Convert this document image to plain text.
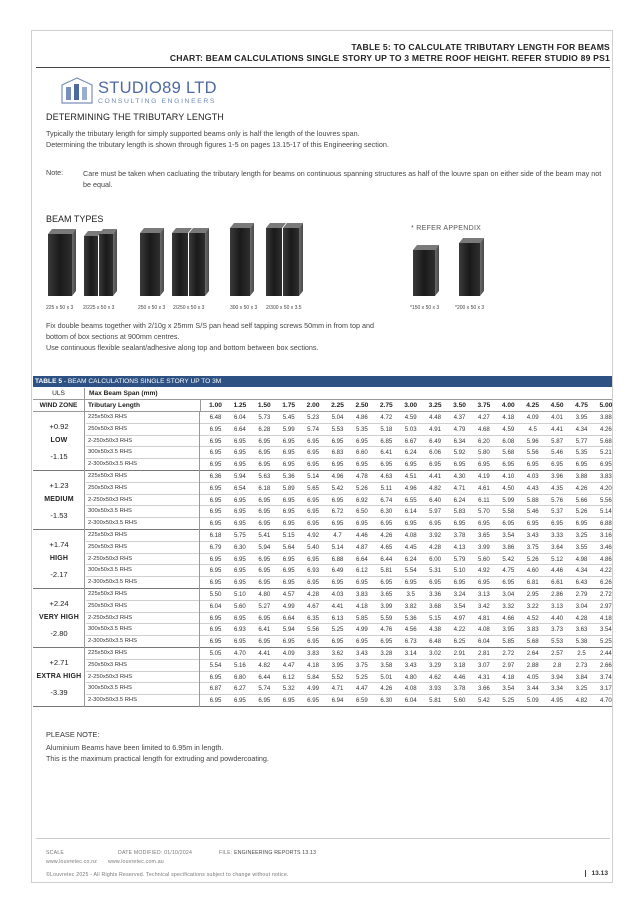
TABLE 5: TO CALCULATE TRIBUTARY LENGTH FOR BEAMS
CHART: BEAM CALCULATIONS SINGLE STORY UP TO 3 METRE ROOF HEIGHT. REFER STUDIO 89 PS1
STUDIO89 LTD
CONSULTING ENGINEERS
DETERMINING THE TRIBUTARY LENGTH
Typically the tributary length for simply supported beams only is half the length of the louvres span.
Determining the tributary length is shown through figures 1-5 on pages 13.15-17 of this Engineering section.
Note:	Care must be taken when cacluating the tributary length for beams on continuous spanning structures as half of the louvre span on either side of the beam may not be equal.
BEAM TYPES
* REFER APPENDIX
225 x 50 x 3 2/225 x 50 x 3	250 x 50 x 3 2/250 x 50 x 3	300 x 50 x 3 2/300 x 50 x 3.5	*150 x 50 x 3	*200 x 50 x 3
Fix double beams together with 2/10g x 25mm S/S pan head self tapping screws 50mm in from top and
bottom of box sections at 900mm centres.
Use continuous flexible sealant/adhesive along top and bottom between box sections.
TABLE 5 - BEAM CALCULATIONS SINGLE STORY UP TO 3M
ULS	Max Beam Span (mm)
WIND ZONE	Tributary Length	1.00	1.25	1.50	1.75	2.00	2.25	2.50	2.75	3.00	3.25	3.50	3.75	4.00	4.25	4.50	4.75	5.00
+0.92
LOW
-1.15
225x50x3 RHS	6.48	6.04	5.73	5.45	5.23	5.04	4.86	4.72	4.59	4.48	4.37	4.27	4.18	4.09	4.01	3.95	3.88
250x50x3 RHS	6.95	6.64	6.28	5.99	5.74	5.53	5.35	5.18	5.03	4.91	4.79	4.68	4.59	4.5	4.41	4.34	4.26
2-250x50x3 RHS	6.95	6.95	6.95	6.95	6.95	6.95	6.95	6.85	6.67	6.49	6.34	6.20	6.08	5.96	5.87	5.77	5.68
300x50x3.5 RHS	6.95	6.95	6.95	6.95	6.95	6.83	6.60	6.41	6.24	6.06	5.92	5.80	5.68	5.56	5.46	5.35	5.21
2-300x50x3.5 RHS	6.95	6.95	6.95	6.95	6.95	6.95	6.95	6.95	6.95	6.95	6.95	6.95	6.95	6.95	6.95	6.95	6.95
+1.23
MEDIUM
-1.53
225x50x3 RHS	6.36	5.94	5.63	5.36	5.14	4.96	4.78	4.63	4.51	4.41	4.30	4.19	4.10	4.03	3.96	3.88	3.83
250x50x3 RHS	6.95	6.54	6.18	5.89	5.65	5.42	5.26	5.11	4.96	4.82	4.71	4.61	4.50	4.43	4.35	4.26	4.20
2-250x50x3 RHS	6.95	6.95	6.95	6.95	6.95	6.95	6.92	6.74	6.55	6.40	6.24	6.11	5.99	5.88	5.76	5.66	5.56
300x50x3.5 RHS	6.95	6.95	6.95	6.95	6.95	6.72	6.50	6.30	6.14	5.97	5.83	5.70	5.58	5.46	5.37	5.26	5.14
2-300x50x3.5 RHS	6.95	6.95	6.95	6.95	6.95	6.95	6.95	6.95	6.95	6.95	6.95	6.95	6.95	6.95	6.95	6.95	6.88
+1.74
HIGH
-2.17
225x50x3 RHS	6.18	5.75	5.41	5.15	4.92	4.7	4.46	4.26	4.08	3.92	3.78	3.65	3.54	3.43	3.33	3.25	3.16
250x50x3 RHS	6.79	6.30	5.94	5.64	5.40	5.14	4.87	4.65	4.45	4.28	4.13	3.99	3.86	3.75	3.64	3.55	3.46
2-250x50x3 RHS	6.95	6.95	6.95	6.95	6.95	6.88	6.64	6.44	6.24	6.00	5.79	5.60	5.42	5.26	5.12	4.98	4.86
300x50x3.5 RHS	6.95	6.95	6.95	6.95	6.93	6.49	6.12	5.81	5.54	5.31	5.10	4.92	4.75	4.60	4.46	4.34	4.22
2-300x50x3.5 RHS	6.95	6.95	6.95	6.95	6.95	6.95	6.95	6.95	6.95	6.95	6.95	6.95	6.95	6.81	6.61	6.43	6.26
+2.24
VERY HIGH
-2.80
225x50x3 RHS	5.50	5.10	4.80	4.57	4.28	4.03	3.83	3.65	3.5	3.36	3.24	3.13	3.04	2.95	2.86	2.79	2.72
250x50x3 RHS	6.04	5.60	5.27	4.99	4.67	4.41	4.18	3.99	3.82	3.68	3.54	3.42	3.32	3.22	3.13	3.04	2.97
2-250x50x3 RHS	6.95	6.95	6.95	6.64	6.35	6.13	5.85	5.59	5.36	5.15	4.97	4.81	4.66	4.52	4.40	4.28	4.18
300x50x3.5 RHS	6.95	6.93	6.41	5.94	5.56	5.25	4.99	4.76	4.56	4.38	4.22	4.08	3.95	3.83	3.73	3.63	3.54
2-300x50x3.5 RHS	6.95	6.95	6.95	6.95	6.95	6.95	6.95	6.95	6.73	6.48	6.25	6.04	5.85	5.68	5.53	5.38	5.25
+2.71
EXTRA HIGH
-3.39
225x50x3 RHS	5.05	4.70	4.41	4.09	3.83	3.62	3.43	3.28	3.14	3.02	2.91	2.81	2.72	2.64	2.57	2.5	2.44
250x50x3 RHS	5.54	5.16	4.82	4.47	4.18	3.95	3.75	3.58	3.43	3.29	3.18	3.07	2.97	2.88	2.8	2.73	2.66
2-250x50x3 RHS	6.95	6.80	6.44	6.12	5.84	5.52	5.25	5.01	4.80	4.62	4.46	4.31	4.18	4.05	3.94	3.84	3.74
300x50x3.5 RHS	6.87	6.27	5.74	5.32	4.99	4.71	4.47	4.26	4.08	3.93	3.78	3.66	3.54	3.44	3.34	3.25	3.17
2-300x50x3.5 RHS	6.95	6.95	6.95	6.95	6.95	6.94	6.59	6.30	6.04	5.81	5.60	5.42	5.25	5.09	4.95	4.82	4.70
PLEASE NOTE:
Aluminium Beams have been limited to 6.95m in length.
This is the maximum practical length for extruding and powdercoating.
SCALE	DATE MODIFIED: 01/10/2024	FILE: ENGINEERING REPORTS 13.13
www.louvretec.co.nz www.louvretec.com.au
©Louvretec 2025 - All Rights Reserved. Technical specifications subject to change without notice.	13.13
